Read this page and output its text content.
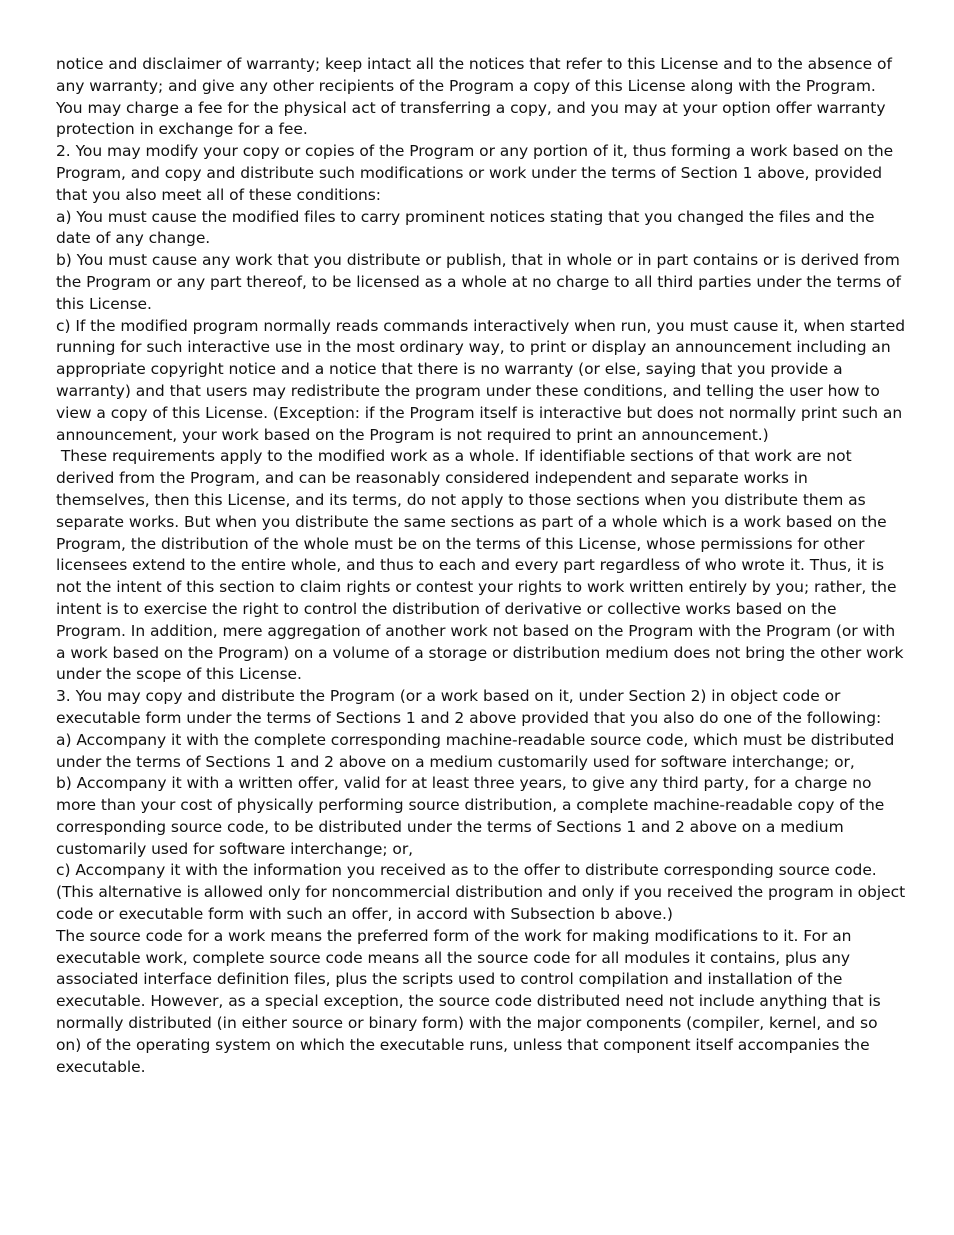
notice and disclaimer of warranty; keep intact all the notices that refer to this License and to the absence of any warranty; and give any other recipients of the Program a copy of this License along with the Program. You may charge a fee for the physical act of transferring a copy, and you may at your option offer warranty protection in exchange for a fee.

2. You may modify your copy or copies of the Program or any portion of it, thus forming a work based on the Program, and copy and distribute such modifications or work under the terms of Section 1 above, provided that you also meet all of these conditions:

a) You must cause the modified files to carry prominent notices stating that you changed the files and the date of any change.

b) You must cause any work that you distribute or publish, that in whole or in part contains or is derived from the Program or any part thereof, to be licensed as a whole at no charge to all third parties under the terms of this License.

c) If the modified program normally reads commands interactively when run, you must cause it, when started running for such interactive use in the most ordinary way, to print or display an announcement including an appropriate copyright notice and a notice that there is no warranty (or else, saying that you provide a warranty) and that users may redistribute the program under these conditions, and telling the user how to view a copy of this License. (Exception: if the Program itself is interactive but does not normally print such an announcement, your work based on the Program is not required to print an announcement.)

These requirements apply to the modified work as a whole. If identifiable sections of that work are not derived from the Program, and can be reasonably considered independent and separate works in themselves, then this License, and its terms, do not apply to those sections when you distribute them as separate works. But when you distribute the same sections as part of a whole which is a work based on the Program, the distribution of the whole must be on the terms of this License, whose permissions for other licensees extend to the entire whole, and thus to each and every part regardless of who wrote it. Thus, it is not the intent of this section to claim rights or contest your rights to work written entirely by you; rather, the intent is to exercise the right to control the distribution of derivative or collective works based on the Program. In addition, mere aggregation of another work not based on the Program with the Program (or with a work based on the Program) on a volume of a storage or distribution medium does not bring the other work under the scope of this License.

3. You may copy and distribute the Program (or a work based on it, under Section 2) in object code or executable form under the terms of Sections 1 and 2 above provided that you also do one of the following:

a) Accompany it with the complete corresponding machine-readable source code, which must be distributed under the terms of Sections 1 and 2 above on a medium customarily used for software interchange; or,

b) Accompany it with a written offer, valid for at least three years, to give any third party, for a charge no more than your cost of physically performing source distribution, a complete machine-readable copy of the corresponding source code, to be distributed under the terms of Sections 1 and 2 above on a medium customarily used for software interchange; or,

c) Accompany it with the information you received as to the offer to distribute corresponding source code. (This alternative is allowed only for noncommercial distribution and only if you received the program in object code or executable form with such an offer, in accord with Subsection b above.)

The source code for a work means the preferred form of the work for making modifications to it. For an executable work, complete source code means all the source code for all modules it contains, plus any associated interface definition files, plus the scripts used to control compilation and installation of the executable. However, as a special exception, the source code distributed need not include anything that is normally distributed (in either source or binary form) with the major components (compiler, kernel, and so on) of the operating system on which the executable runs, unless that component itself accompanies the executable.
